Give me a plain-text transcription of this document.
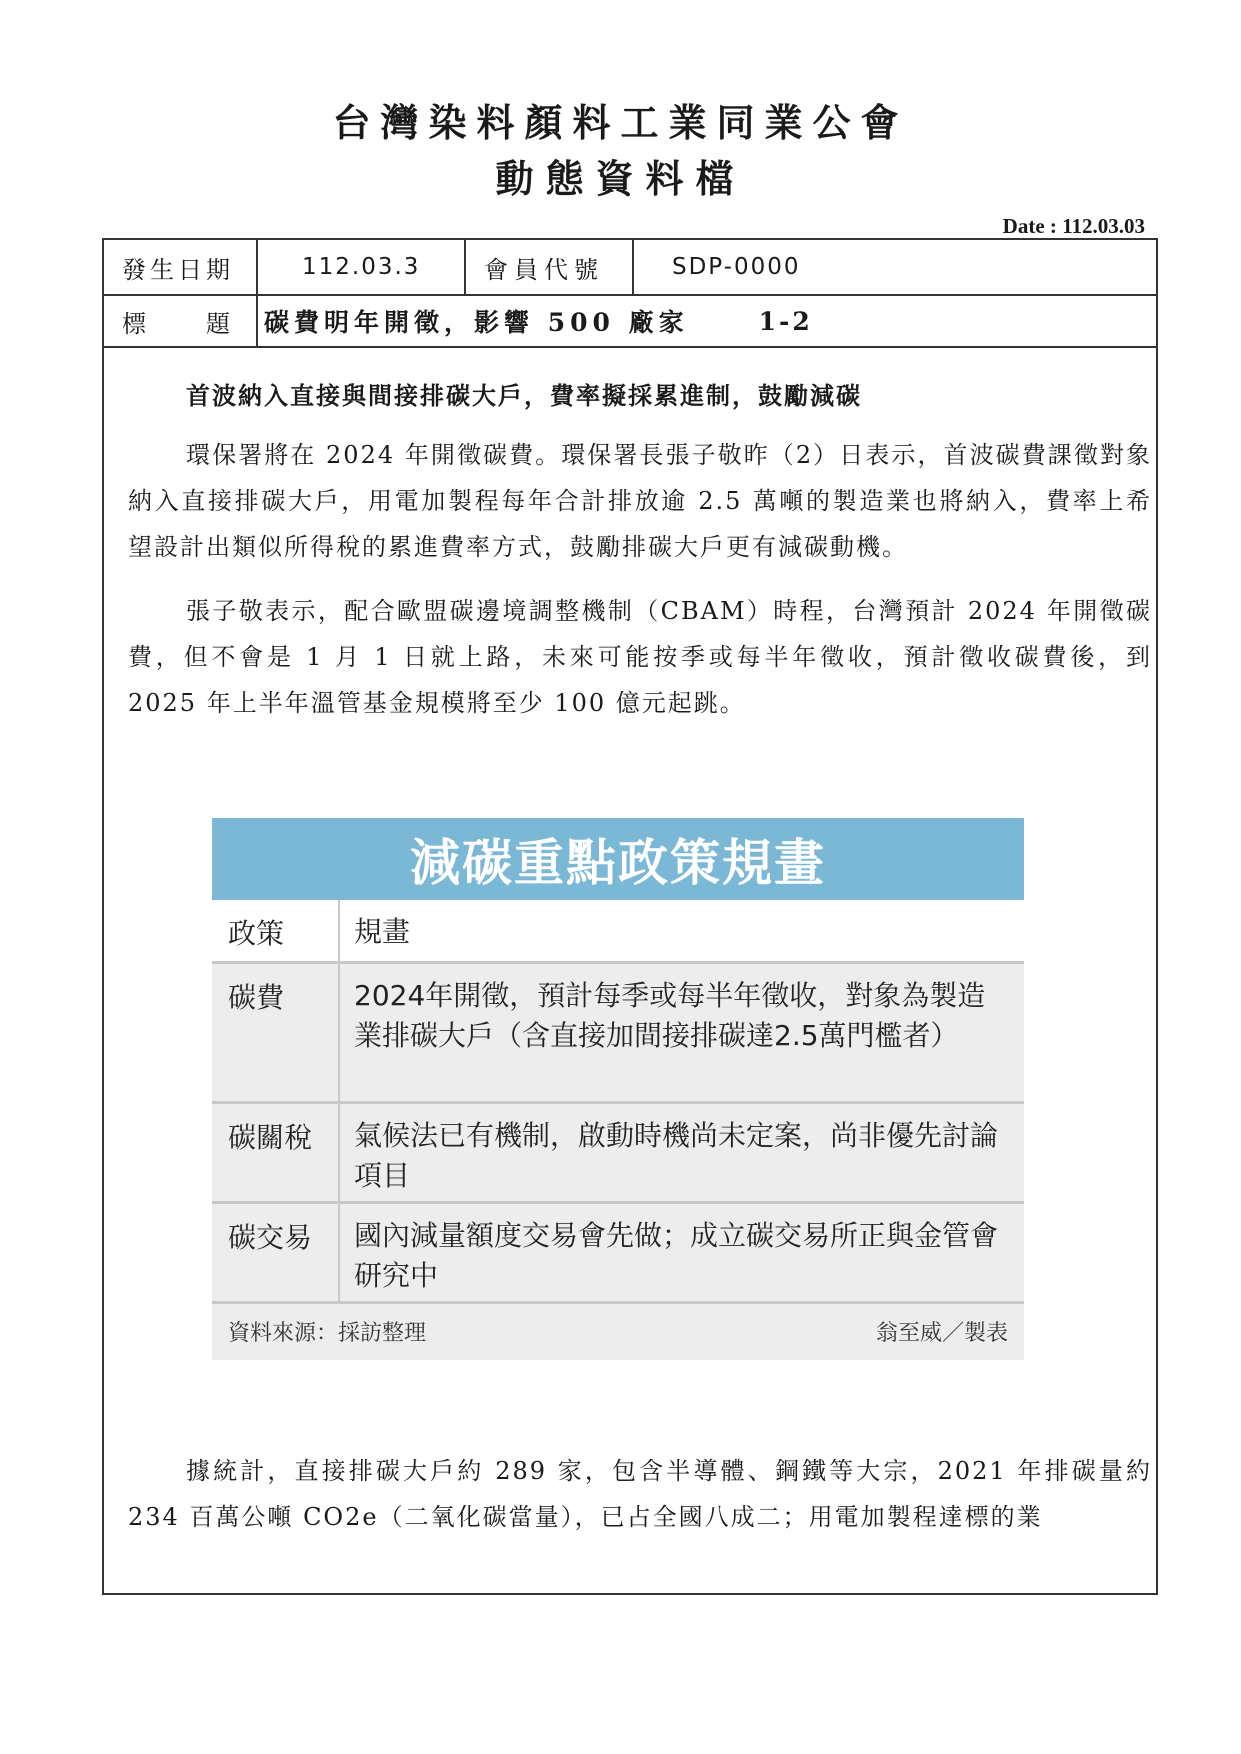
台灣染料顏料工業同業公會
動態資料檔
Date : 112.03.03
發生日期	112.03.3	會員代號	SDP-0000
標 題 碳費明年開徵，影響 500 廠家	1-2
首波納入直接與間接排碳大戶，費率擬採累進制，鼓勵減碳

環保署將在 2024 年開徵碳費。環保署長張子敬昨（2）日表示，首波碳費課徵對象納入直接排碳大戶，用電加製程每年合計排放逾 2.5 萬噸的製造業也將納入，費率上希望設計出類似所得稅的累進費率方式，鼓勵排碳大戶更有減碳動機。

張子敬表示，配合歐盟碳邊境調整機制（CBAM）時程，台灣預計 2024 年開徵碳費，但不會是 1 月 1 日就上路，未來可能按季或每半年徵收，預計徵收碳費後，到 2025 年上半年溫管基金規模將至少 100 億元起跳。

減碳重點政策規畫
政策	規畫
碳費	2024年開徵，預計每季或每半年徵收，對象為製造業排碳大戶（含直接加間接排碳達2.5萬門檻者）
碳關稅	氣候法已有機制，啟動時機尚未定案，尚非優先討論項目
碳交易	國內減量額度交易會先做；成立碳交易所正與金管會研究中
資料來源：採訪整理	翁至威／製表

據統計，直接排碳大戶約 289 家，包含半導體、鋼鐵等大宗，2021 年排碳量約 234 百萬公噸 CO2e（二氧化碳當量），已占全國八成二；用電加製程達標的業
